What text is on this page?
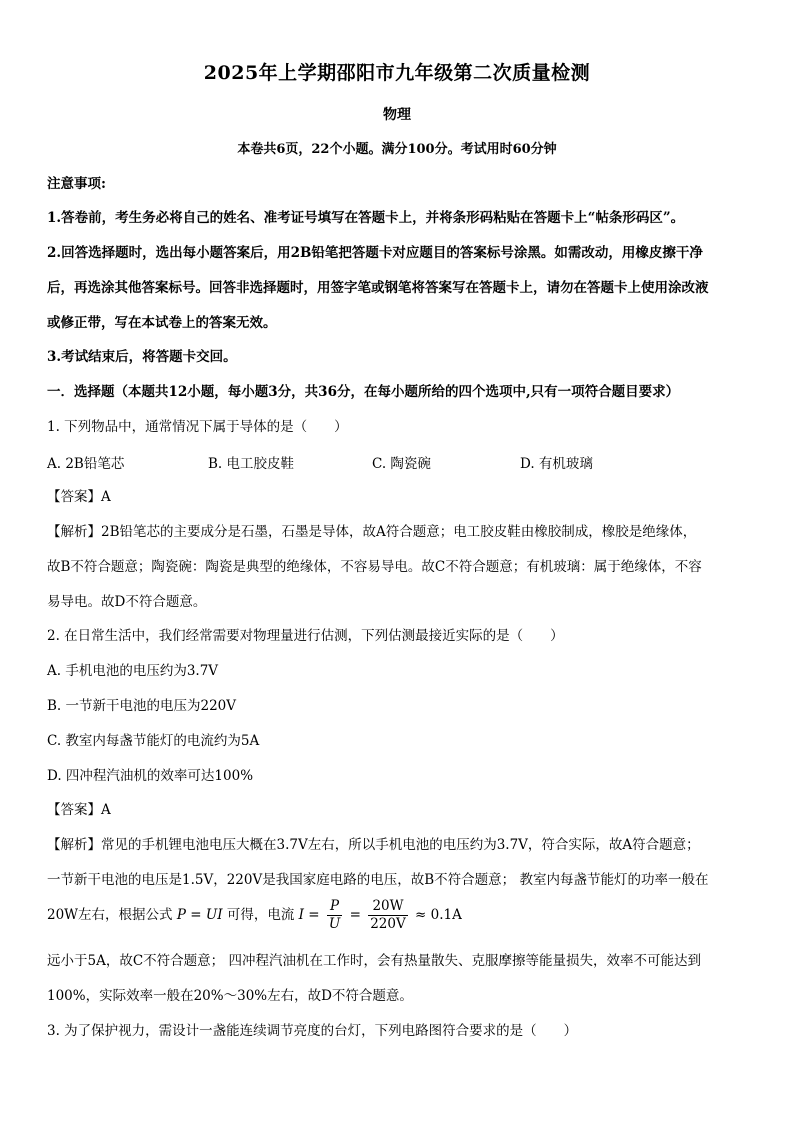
2025年上学期邵阳市九年级第二次质量检测
物理
本卷共6页，22个小题。满分100分。考试用时60分钟
注意事项:
1.答卷前，考生务必将自己的姓名、准考证号填写在答题卡上，并将条形码粘贴在答题卡上“帖条形码区”。
2.回答选择题时，选出每小题答案后，用2B铅笔把答题卡对应题目的答案标号涂黑。如需改动，用橡皮擦干净
后，再选涂其他答案标号。回答非选择题时，用签字笔或钢笔将答案写在答题卡上，请勿在答题卡上使用涂改液
或修正带，写在本试卷上的答案无效。
3.考试结束后，将答题卡交回。
一．选择题（本题共12小题，每小题3分，共36分，在每小题所给的四个选项中,只有一项符合题目要求）
1. 下列物品中，通常情况下属于导体的是（　　）
A. 2B铅笔芯	B. 电工胶皮鞋	C. 陶瓷碗	D. 有机玻璃
【答案】A
【解析】2B铅笔芯的主要成分是石墨，石墨是导体，故A符合题意；电工胶皮鞋由橡胶制成，橡胶是绝缘体，
故B不符合题意；陶瓷碗：陶瓷是典型的绝缘体，不容易导电。故C不符合题意；有机玻璃：属于绝缘体，不容
易导电。故D不符合题意。
2. 在日常生活中，我们经常需要对物理量进行估测，下列估测最接近实际的是（　　）
A. 手机电池的电压约为3.7V
B. 一节新干电池的电压为220V
C. 教室内每盏节能灯的电流约为5A
D. 四冲程汽油机的效率可达100%
【答案】A
【解析】常见的手机锂电池电压大概在3.7V左右，所以手机电池的电压约为3.7V，符合实际，故A符合题意；
一节新干电池的电压是1.5V，220V是我国家庭电路的电压，故B不符合题意； 教室内每盏节能灯的功率一般在
20W左右，根据公式 P = UI 可得，电流 $I = \frac{P}{U} = \frac{20W}{220V} \approx 0.1A$
远小于5A，故C不符合题意； 四冲程汽油机在工作时，会有热量散失、克服摩擦等能量损失，效率不可能达到
100%，实际效率一般在20%～30%左右，故D不符合题意。
3. 为了保护视力，需设计一盏能连续调节亮度的台灯，下列电路图符合要求的是（　　）
